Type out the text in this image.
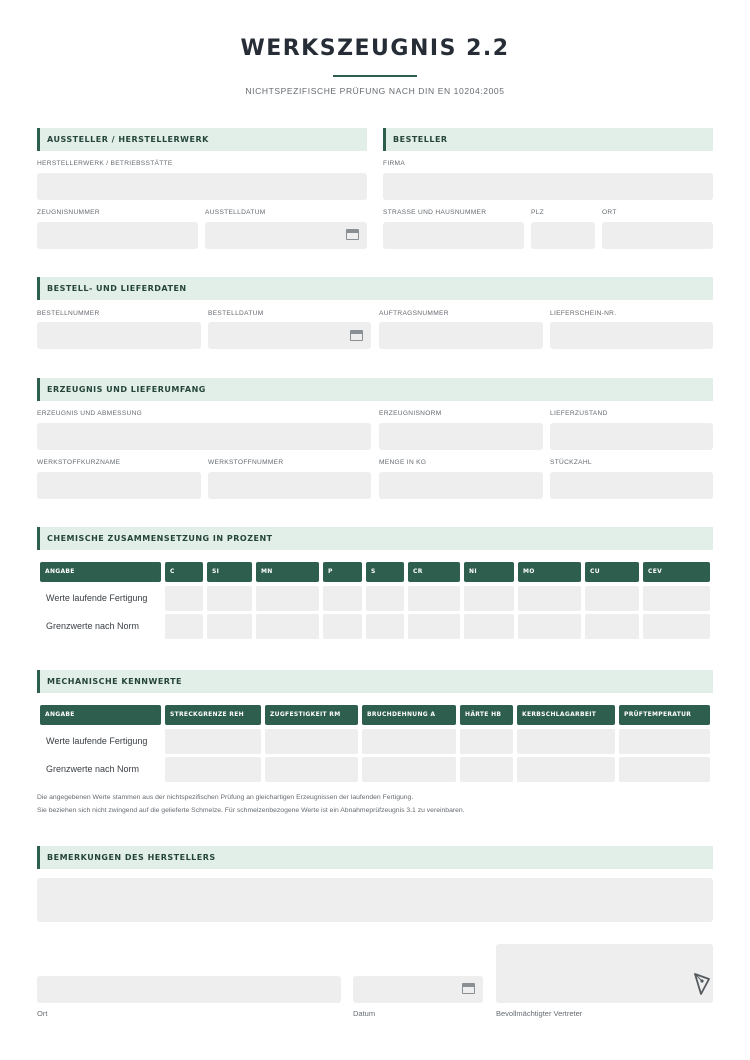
WERKSZEUGNIS 2.2
NICHTSPEZIFISCHE PRÜFUNG NACH DIN EN 10204:2005
AUSSTELLER / HERSTELLERWERK
HERSTELLERWERK / BETRIEBSSTÄTTE
ZEUGNISNUMMER	AUSSTELLDATUM
BESTELLER
FIRMA
STRASSE UND HAUSNUMMER	PLZ	ORT
BESTELL- UND LIEFERDATEN
BESTELLNUMMER	BESTELLDATUM	AUFTRAGSNUMMER	LIEFERSCHEIN-NR.
ERZEUGNIS UND LIEFERUMFANG
ERZEUGNIS UND ABMESSUNG	ERZEUGNISNORM	LIEFERZUSTAND
WERKSTOFFKURZNAME	WERKSTOFFNUMMER	MENGE IN KG	STÜCKZAHL
CHEMISCHE ZUSAMMENSETZUNG IN PROZENT
ANGABE	C	SI	MN	P	S	CR	NI	MO	CU	CEV
Werte laufende Fertigung
Grenzwerte nach Norm
MECHANISCHE KENNWERTE
ANGABE	STRECKGRENZE REH	ZUGFESTIGKEIT RM	BRUCHDEHNUNG A	HÄRTE HB	KERBSCHLAGARBEIT	PRÜFTEMPERATUR
Werte laufende Fertigung
Grenzwerte nach Norm
Die angegebenen Werte stammen aus der nichtspezifischen Prüfung an gleichartigen Erzeugnissen der laufenden Fertigung.
Sie beziehen sich nicht zwingend auf die gelieferte Schmelze. Für schmelzenbezogene Werte ist ein Abnahmeprüfzeugnis 3.1 zu vereinbaren.
BEMERKUNGEN DES HERSTELLERS
Ort	Datum	Bevollmächtigter Vertreter
